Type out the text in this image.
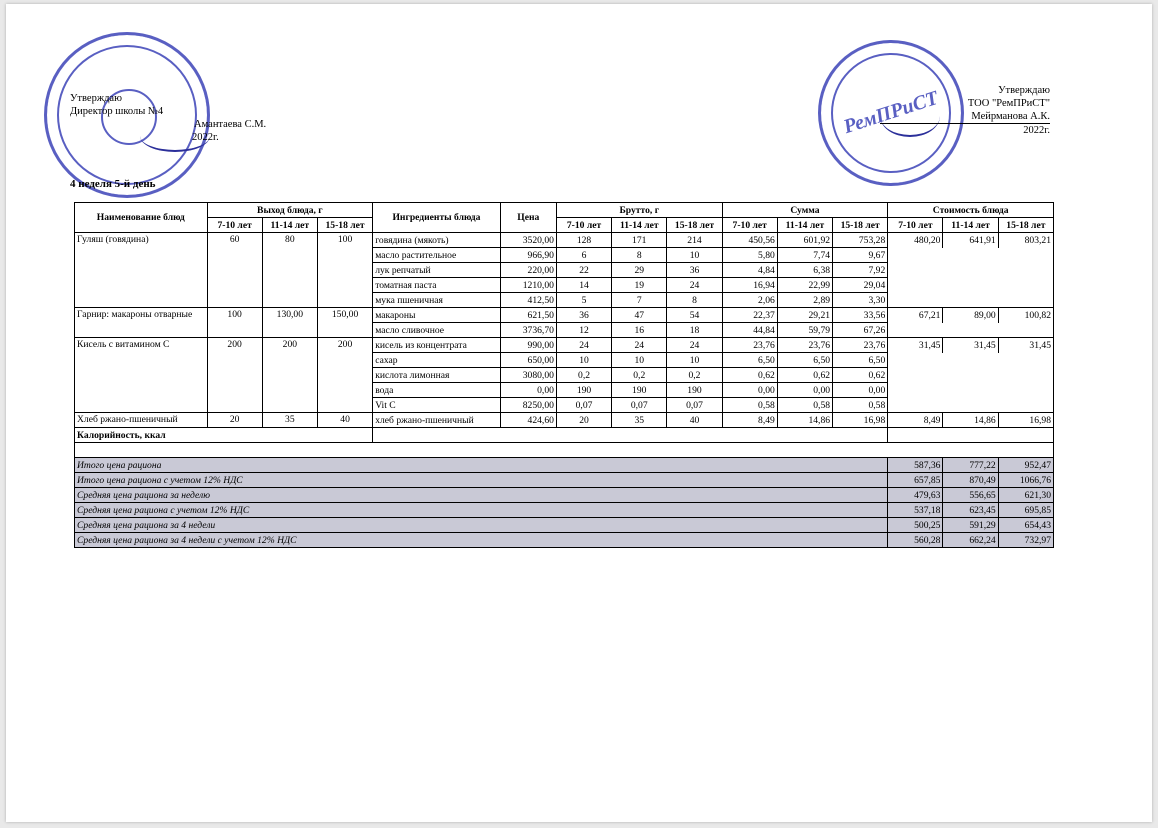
РемПРиСТ
Утверждаю
Директор школы №4
Амантаева С.М.
2022г.
Утверждаю
ТОО "РемПРиСТ"
Мейрманова А.К.
2022г.
4 неделя 5-й день
Наименование блюд	Выход блюда, г			Ингредиенты блюда	Цена	Брутто, г			Сумма			Стоимость блюда		
	7-10 лет	11-14 лет	15-18 лет			7-10 лет	11-14 лет	15-18 лет	7-10 лет	11-14 лет	15-18 лет	7-10 лет	11-14 лет	15-18 лет
Гуляш (говядина)	60	80	100	говядина (мякоть)	3520,00	128	171	214	450,56	601,92	753,28	480,20	641,91	803,21
				масло растительное	966,90	6	8	10	5,80	7,74	9,67			
				лук репчатый	220,00	22	29	36	4,84	6,38	7,92			
				томатная паста	1210,00	14	19	24	16,94	22,99	29,04			
				мука пшеничная	412,50	5	7	8	2,06	2,89	3,30			
Гарнир: макароны отварные	100	130,00	150,00	макароны	621,50	36	47	54	22,37	29,21	33,56	67,21	89,00	100,82
				масло сливочное	3736,70	12	16	18	44,84	59,79	67,26			
Кисель с витамином С	200	200	200	кисель из концентрата	990,00	24	24	24	23,76	23,76	23,76	31,45	31,45	31,45
				сахар	650,00	10	10	10	6,50	6,50	6,50			
				кислота лимонная	3080,00	0,2	0,2	0,2	0,62	0,62	0,62			
				вода	0,00	190	190	190	0,00	0,00	0,00			
				Vit C	8250,00	0,07	0,07	0,07	0,58	0,58	0,58			
Хлеб ржано-пшеничный	20	35	40	хлеб ржано-пшеничный	424,60	20	35	40	8,49	14,86	16,98	8,49	14,86	16,98
Калорийность, ккал														

Итого цена рациона												587,36	777,22	952,47
Итого цена рациона с учетом 12% НДС												657,85	870,49	1066,76
Средняя цена рациона за неделю												479,63	556,65	621,30
Средняя цена рациона с учетом 12% НДС												537,18	623,45	695,85
Средняя цена рациона за 4 недели												500,25	591,29	654,43
Средняя цена рациона за 4 недели с учетом 12% НДС												560,28	662,24	732,97
